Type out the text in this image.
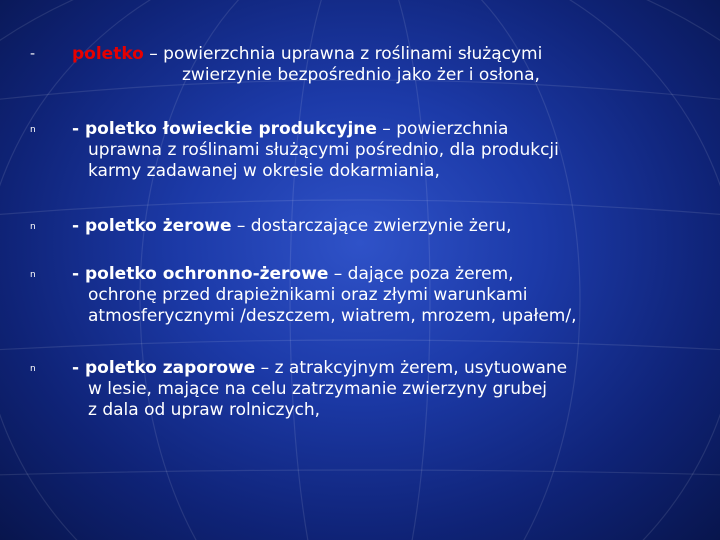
- poletko – powierzchnia uprawna z roślinami służącymi
zwierzynie bezpośrednio jako żer i osłona,
n - poletko łowieckie produkcyjne – powierzchnia
uprawna z roślinami służącymi pośrednio, dla produkcji
karmy zadawanej w okresie dokarmiania,
n - poletko żerowe – dostarczające zwierzynie żeru,
n - poletko ochronno-żerowe – dające poza żerem,
ochronę przed drapieżnikami oraz złymi warunkami
atmosferycznymi /deszczem, wiatrem, mrozem, upałem/,
n - poletko zaporowe – z atrakcyjnym żerem, usytuowane
w lesie, mające na celu zatrzymanie zwierzyny grubej
z dala od upraw rolniczych,
